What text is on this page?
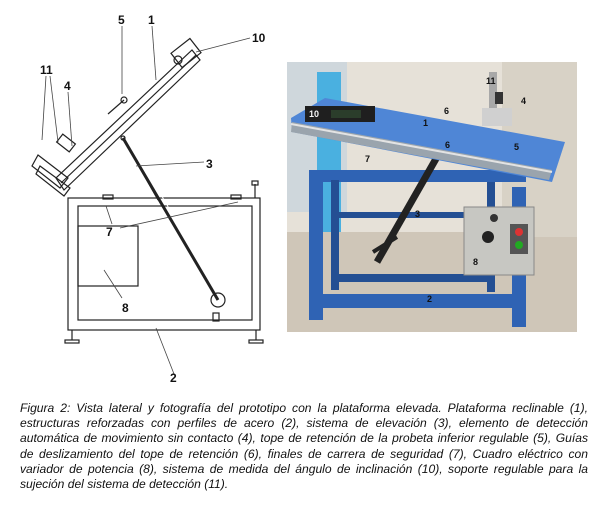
5 1
10
11
4
3
7
8
2
11
4
10	6
1
6	5
7
3
8
2

Figura 2: Vista lateral y fotografía del prototipo con la plataforma elevada. Plataforma reclinable (1), estructuras reforzadas con perfiles de acero (2), sistema de elevación (3), elemento de detección automática de movimiento sin contacto (4), tope de retención de la probeta inferior regulable (5), Guías de deslizamiento del tope de retención (6), finales de carrera de seguridad (7), Cuadro eléctrico con variador de potencia (8), sistema de medida del ángulo de inclinación (10), soporte regulable para la sujeción del sistema de detección (11).
